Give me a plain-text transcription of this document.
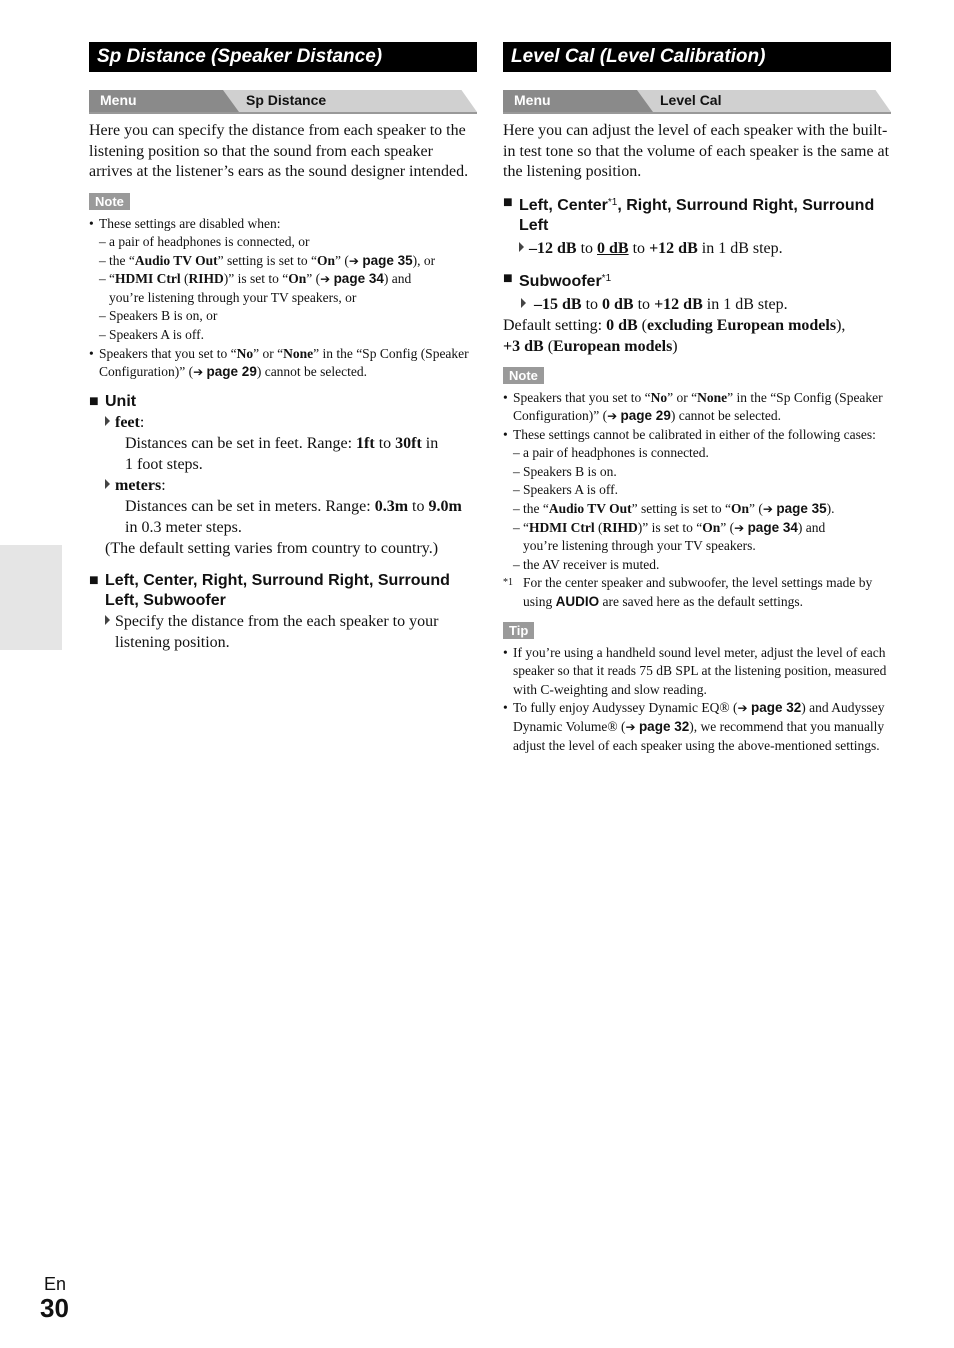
Sp Distance (Speaker Distance)
Menu	Sp Distance
Here you can specify the distance from each speaker to the listening position so that the sound from each speaker arrives at the listener’s ears as the sound designer intended.
Note
• These settings are disabled when:
– a pair of headphones is connected, or
– the “Audio TV Out” setting is set to “On” (➔ page 35), or
– “HDMI Ctrl (RIHD)” is set to “On” (➔ page 34) and
you’re listening through your TV speakers, or
– Speakers B is on, or
– Speakers A is off.
• Speakers that you set to “No” or “None” in the “Sp Config (Speaker Configuration)” (➔ page 29) cannot be selected.
■ Unit
feet:
Distances can be set in feet. Range: 1ft to 30ft in
1 foot steps.
meters:
Distances can be set in meters. Range: 0.3m to 9.0m
in 0.3 meter steps.
(The default setting varies from country to country.)
■ Left, Center, Right, Surround Right, Surround
Left, Subwoofer
Specify the distance from the each speaker to your
listening position.
Level Cal (Level Calibration)
Menu	Level Cal
Here you can adjust the level of each speaker with the built-in test tone so that the volume of each speaker is the same at the listening position.
■ Left, Center$^{*1}$, Right, Surround Right, Surround
Left
–12 dB to 0 dB to +12 dB in 1 dB step.
■ Subwoofer$^{*1}$
–15 dB to 0 dB to +12 dB in 1 dB step.
Default setting: 0 dB (excluding European models),
+3 dB (European models)
Note
• Speakers that you set to “No” or “None” in the “Sp Config (Speaker Configuration)” (➔ page 29) cannot be selected.
• These settings cannot be calibrated in either of the following cases:
– a pair of headphones is connected.
– Speakers B is on.
– Speakers A is off.
– the “Audio TV Out” setting is set to “On” (➔ page 35).
– “HDMI Ctrl (RIHD)” is set to “On” (➔ page 34) and
you’re listening through your TV speakers.
– the AV receiver is muted.
*1 For the center speaker and subwoofer, the level settings made by using AUDIO are saved here as the default settings.
Tip
• If you’re using a handheld sound level meter, adjust the level of each speaker so that it reads 75 dB SPL at the listening position, measured with C-weighting and slow reading.
• To fully enjoy Audyssey Dynamic EQ® (➔ page 32) and Audyssey Dynamic Volume® (➔ page 32), we recommend that you manually adjust the level of each speaker using the above-mentioned settings.
En
30
